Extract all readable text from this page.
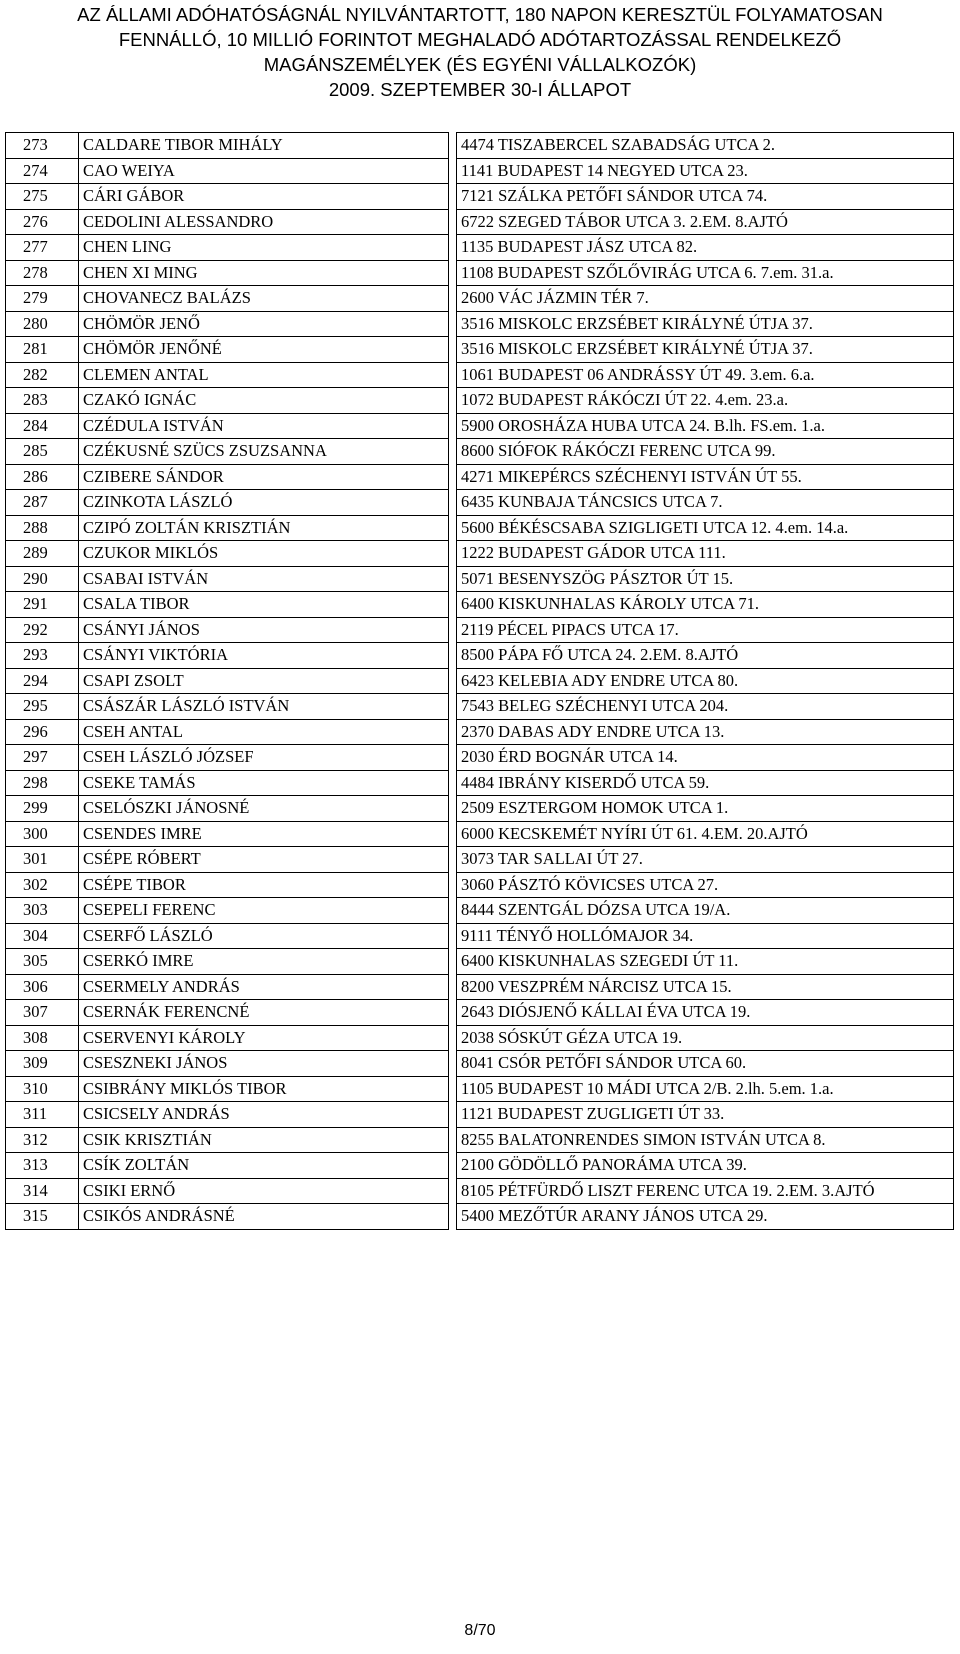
AZ ÁLLAMI ADÓHATÓSÁGNÁL NYILVÁNTARTOTT, 180 NAPON KERESZTÜL FOLYAMATOSAN
FENNÁLLÓ, 10 MILLIÓ FORINTOT MEGHALADÓ ADÓTARTOZÁSSAL RENDELKEZŐ
MAGÁNSZEMÉLYEK (ÉS EGYÉNI VÁLLALKOZÓK)
2009. SZEPTEMBER 30-I ÁLLAPOT
273	CALDARE TIBOR MIHÁLY		4474 TISZABERCEL SZABADSÁG UTCA 2.
274	CAO WEIYA		1141 BUDAPEST 14 NEGYED UTCA 23.
275	CÁRI GÁBOR		7121 SZÁLKA PETŐFI SÁNDOR UTCA 74.
276	CEDOLINI ALESSANDRO		6722 SZEGED TÁBOR UTCA 3. 2.EM. 8.AJTÓ
277	CHEN LING		1135 BUDAPEST JÁSZ UTCA 82.
278	CHEN XI MING		1108 BUDAPEST SZŐLŐVIRÁG UTCA 6. 7.em. 31.a.
279	CHOVANECZ BALÁZS		2600 VÁC JÁZMIN TÉR 7.
280	CHÖMÖR JENŐ		3516 MISKOLC ERZSÉBET KIRÁLYNÉ ÚTJA 37.
281	CHÖMÖR JENŐNÉ		3516 MISKOLC ERZSÉBET KIRÁLYNÉ ÚTJA 37.
282	CLEMEN ANTAL		1061 BUDAPEST 06 ANDRÁSSY ÚT 49. 3.em. 6.a.
283	CZAKÓ IGNÁC		1072 BUDAPEST RÁKÓCZI ÚT 22. 4.em. 23.a.
284	CZÉDULA ISTVÁN		5900 OROSHÁZA HUBA UTCA 24. B.lh. FS.em. 1.a.
285	CZÉKUSNÉ SZÜCS ZSUZSANNA		8600 SIÓFOK RÁKÓCZI FERENC UTCA 99.
286	CZIBERE SÁNDOR		4271 MIKEPÉRCS SZÉCHENYI ISTVÁN ÚT 55.
287	CZINKOTA LÁSZLÓ		6435 KUNBAJA TÁNCSICS UTCA 7.
288	CZIPÓ ZOLTÁN KRISZTIÁN		5600 BÉKÉSCSABA SZIGLIGETI UTCA 12. 4.em. 14.a.
289	CZUKOR MIKLÓS		1222 BUDAPEST GÁDOR UTCA 111.
290	CSABAI ISTVÁN		5071 BESENYSZÖG PÁSZTOR ÚT 15.
291	CSALA TIBOR		6400 KISKUNHALAS KÁROLY UTCA 71.
292	CSÁNYI JÁNOS		2119 PÉCEL PIPACS UTCA 17.
293	CSÁNYI VIKTÓRIA		8500 PÁPA FŐ UTCA 24. 2.EM. 8.AJTÓ
294	CSAPI ZSOLT		6423 KELEBIA ADY ENDRE UTCA 80.
295	CSÁSZÁR LÁSZLÓ ISTVÁN		7543 BELEG SZÉCHENYI UTCA 204.
296	CSEH ANTAL		2370 DABAS ADY ENDRE UTCA 13.
297	CSEH LÁSZLÓ JÓZSEF		2030 ÉRD BOGNÁR UTCA 14.
298	CSEKE TAMÁS		4484 IBRÁNY KISERDŐ UTCA 59.
299	CSELÓSZKI JÁNOSNÉ		2509 ESZTERGOM HOMOK UTCA 1.
300	CSENDES IMRE		6000 KECSKEMÉT NYÍRI ÚT 61. 4.EM. 20.AJTÓ
301	CSÉPE RÓBERT		3073 TAR SALLAI ÚT 27.
302	CSÉPE TIBOR		3060 PÁSZTÓ KÖVICSES UTCA 27.
303	CSEPELI FERENC		8444 SZENTGÁL DÓZSA UTCA 19/A.
304	CSERFŐ LÁSZLÓ		9111 TÉNYŐ HOLLÓMAJOR 34.
305	CSERKÓ IMRE		6400 KISKUNHALAS SZEGEDI ÚT 11.
306	CSERMELY ANDRÁS		8200 VESZPRÉM NÁRCISZ UTCA 15.
307	CSERNÁK FERENCNÉ		2643 DIÓSJENŐ KÁLLAI ÉVA UTCA 19.
308	CSERVENYI KÁROLY		2038 SÓSKÚT GÉZA UTCA 19.
309	CSESZNEKI JÁNOS		8041 CSÓR PETŐFI SÁNDOR UTCA 60.
310	CSIBRÁNY MIKLÓS TIBOR		1105 BUDAPEST 10 MÁDI UTCA 2/B. 2.lh. 5.em. 1.a.
311	CSICSELY ANDRÁS		1121 BUDAPEST ZUGLIGETI ÚT 33.
312	CSIK KRISZTIÁN		8255 BALATONRENDES SIMON ISTVÁN UTCA 8.
313	CSÍK ZOLTÁN		2100 GÖDÖLLŐ PANORÁMA UTCA 39.
314	CSIKI ERNŐ		8105 PÉTFÜRDŐ LISZT FERENC UTCA 19. 2.EM. 3.AJTÓ
315	CSIKÓS ANDRÁSNÉ		5400 MEZŐTÚR ARANY JÁNOS UTCA 29.
8/70
